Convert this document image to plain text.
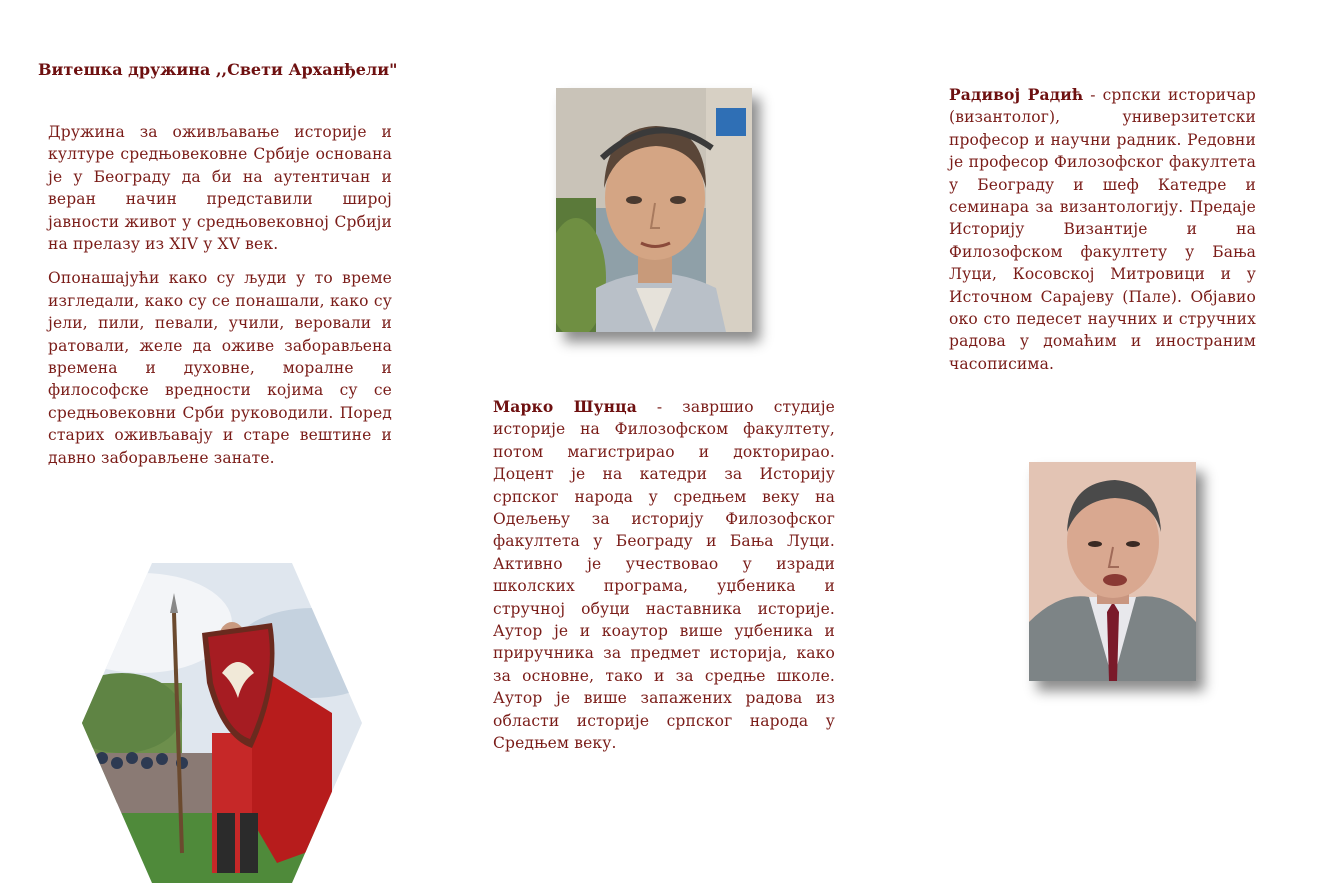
Витешка дружина ,,Свети Арханђели"

Дружина за оживљавање историје и културе средњовековне Србије основана је у Београду да би на аутентичан и веран начин представили широј јавности живот у средњовековној Србији на прелазу из XIV у XV век.

Опонашајући како су људи у то време изгледали, како су се понашали, како су јели, пили, певали, учили, веровали и ратовали, желе да оживе заборављена времена и духовне, моралне и философске вредности којима су се средњовековни Срби руководили. Поред старих оживљавају и старе вештине и давно заборављене занате.

Марко Шунца - завршио студије историје на Филозофском факултету, потом магистрирао и докторирао. Доцент је на катедри за Историју српског народа у средњем веку на Одељењу за историју Филозофског факултета у Београду и Бања Луци. Активно је учествовао у изради школских програма, уџбеника и стручној обуци наставника историје. Аутор је и коаутор више уџбеника и приручника за предмет историја, како за основне, тако и за средње школе. Аутор је више запажених радова из области историје српског народа у Средњем веку.

Радивој Радић - српски историчар (византолог), универзитетски професор и научни радник. Редовни је професор Филозофског факултета у Београду и шеф Катедре и семинара за византологију. Предаје Историју Византије и на Филозофском факултету у Бања Луци, Косовској Митровици и у Источном Сарајеву (Пале). Објавио око сто педесет научних и стручних радова у домаћим и иностраним часописима.
